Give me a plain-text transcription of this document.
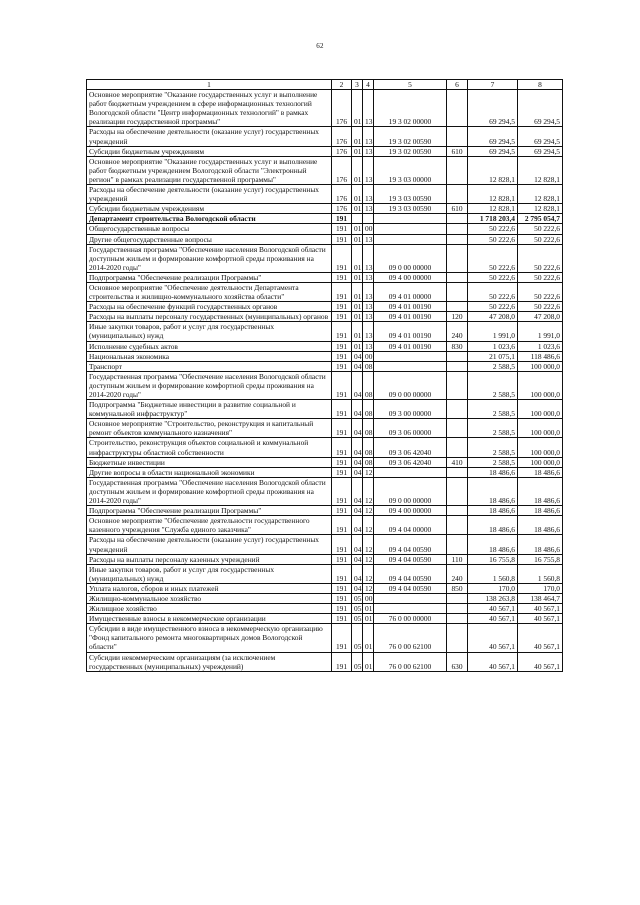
62
1	2	3	4	5	6	7	8
Основное мероприятие "Оказание государственных услуг и выполнение работ бюджетным учреждением в сфере информационных технологий Вологодской области "Центр информационных технологий" в рамках реализации государственной программы"	176	01	13	19 3 02 00000		69 294,5	69 294,5
Расходы на обеспечение деятельности (оказание услуг) государственных учреждений	176	01	13	19 3 02 00590		69 294,5	69 294,5
Субсидии бюджетным учреждениям	176	01	13	19 3 02 00590	610	69 294,5	69 294,5
Основное мероприятие "Оказание государственных услуг и выполнение работ бюджетным учреждением Вологодской области "Электронный регион" в рамках реализации государственной программы"	176	01	13	19 3 03 00000		12 828,1	12 828,1
Расходы на обеспечение деятельности (оказание услуг) государственных учреждений	176	01	13	19 3 03 00590		12 828,1	12 828,1
Субсидии бюджетным учреждениям	176	01	13	19 3 03 00590	610	12 828,1	12 828,1
Департамент строительства Вологодской области	191					1 718 203,4	2 795 054,7
Общегосударственные вопросы	191	01	00			50 222,6	50 222,6
Другие общегосударственные вопросы	191	01	13			50 222,6	50 222,6
Государственная программа "Обеспечение населения Вологодской области доступным жильем и формирование комфортной среды проживания на 2014-2020 годы"	191	01	13	09 0 00 00000		50 222,6	50 222,6
Подпрограмма "Обеспечение реализации Программы"	191	01	13	09 4 00 00000		50 222,6	50 222,6
Основное мероприятие "Обеспечение деятельности Департамента строительства и жилищно-коммунального хозяйства области"	191	01	13	09 4 01 00000		50 222,6	50 222,6
Расходы на обеспечение функций государственных органов	191	01	13	09 4 01 00190		50 222,6	50 222,6
Расходы на выплаты персоналу государственных (муниципальных) органов	191	01	13	09 4 01 00190	120	47 208,0	47 208,0
Иные закупки товаров, работ и услуг для государственных (муниципальных) нужд	191	01	13	09 4 01 00190	240	1 991,0	1 991,0
Исполнение судебных актов	191	01	13	09 4 01 00190	830	1 023,6	1 023,6
Национальная экономика	191	04	00			21 075,1	118 486,6
Транспорт	191	04	08			2 588,5	100 000,0
Государственная программа "Обеспечение населения Вологодской области доступным жильем и формирование комфортной среды проживания на 2014-2020 годы"	191	04	08	09 0 00 00000		2 588,5	100 000,0
Подпрограмма "Бюджетные инвестиции в развитие социальной и коммунальной инфраструктур"	191	04	08	09 3 00 00000		2 588,5	100 000,0
Основное мероприятие "Строительство, реконструкция и капитальный ремонт объектов коммунального назначения"	191	04	08	09 3 06 00000		2 588,5	100 000,0
Строительство, реконструкция объектов социальной и коммунальной инфраструктуры областной собственности	191	04	08	09 3 06 42040		2 588,5	100 000,0
Бюджетные инвестиции	191	04	08	09 3 06 42040	410	2 588,5	100 000,0
Другие вопросы в области национальной экономики	191	04	12			18 486,6	18 486,6
Государственная программа "Обеспечение населения Вологодской области доступным жильем и формирование комфортной среды проживания на 2014-2020 годы"	191	04	12	09 0 00 00000		18 486,6	18 486,6
Подпрограмма "Обеспечение реализации Программы"	191	04	12	09 4 00 00000		18 486,6	18 486,6
Основное мероприятие "Обеспечение деятельности государственного казенного учреждения "Служба единого заказчика"	191	04	12	09 4 04 00000		18 486,6	18 486,6
Расходы на обеспечение деятельности (оказание услуг) государственных учреждений	191	04	12	09 4 04 00590		18 486,6	18 486,6
Расходы на выплаты персоналу казенных учреждений	191	04	12	09 4 04 00590	110	16 755,8	16 755,8
Иные закупки товаров, работ и услуг для государственных (муниципальных) нужд	191	04	12	09 4 04 00590	240	1 560,8	1 560,8
Уплата налогов, сборов и иных платежей	191	04	12	09 4 04 00590	850	170,0	170,0
Жилищно-коммунальное хозяйство	191	05	00			138 263,8	138 464,7
Жилищное хозяйство	191	05	01			40 567,1	40 567,1
Имущественные взносы в некоммерческие организации	191	05	01	76 0 00 00000		40 567,1	40 567,1
Субсидии в виде имущественного взноса в некоммерческую организацию "Фонд капитального ремонта многоквартирных домов Вологодской области"	191	05	01	76 0 00 62100		40 567,1	40 567,1
Субсидии некоммерческим организациям (за исключением государственных (муниципальных) учреждений)	191	05	01	76 0 00 62100	630	40 567,1	40 567,1
